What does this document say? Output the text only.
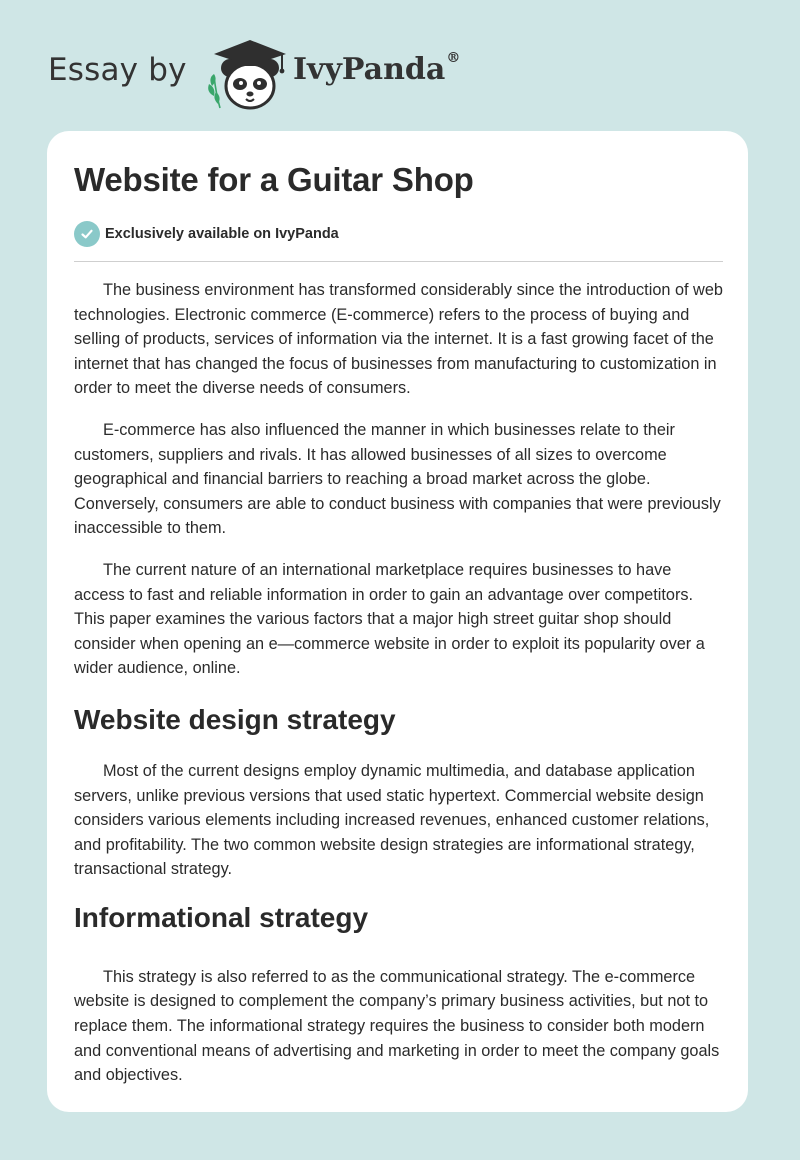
Essay by	IvyPanda®
Website for a Guitar Shop
Exclusively available on IvyPanda

The business environment has transformed considerably since the introduction of web technologies. Electronic commerce (E-commerce) refers to the process of buying and selling of products, services of information via the internet. It is a fast growing facet of the internet that has changed the focus of businesses from manufacturing to customization in order to meet the diverse needs of consumers.

E-commerce has also influenced the manner in which businesses relate to their customers, suppliers and rivals. It has allowed businesses of all sizes to overcome geographical and financial barriers to reaching a broad market across the globe. Conversely, consumers are able to conduct business with companies that were previously inaccessible to them.

The current nature of an international marketplace requires businesses to have access to fast and reliable information in order to gain an advantage over competitors. This paper examines the various factors that a major high street guitar shop should consider when opening an e—commerce website in order to exploit its popularity over a wider audience, online.

Website design strategy

Most of the current designs employ dynamic multimedia, and database application servers, unlike previous versions that used static hypertext. Commercial website design considers various elements including increased revenues, enhanced customer relations, and profitability. The two common website design strategies are informational strategy, transactional strategy.

Informational strategy

This strategy is also referred to as the communicational strategy. The e-commerce website is designed to complement the company’s primary business activities, but not to replace them. The informational strategy requires the business to consider both modern and conventional means of advertising and marketing in order to meet the company goals and objectives.
